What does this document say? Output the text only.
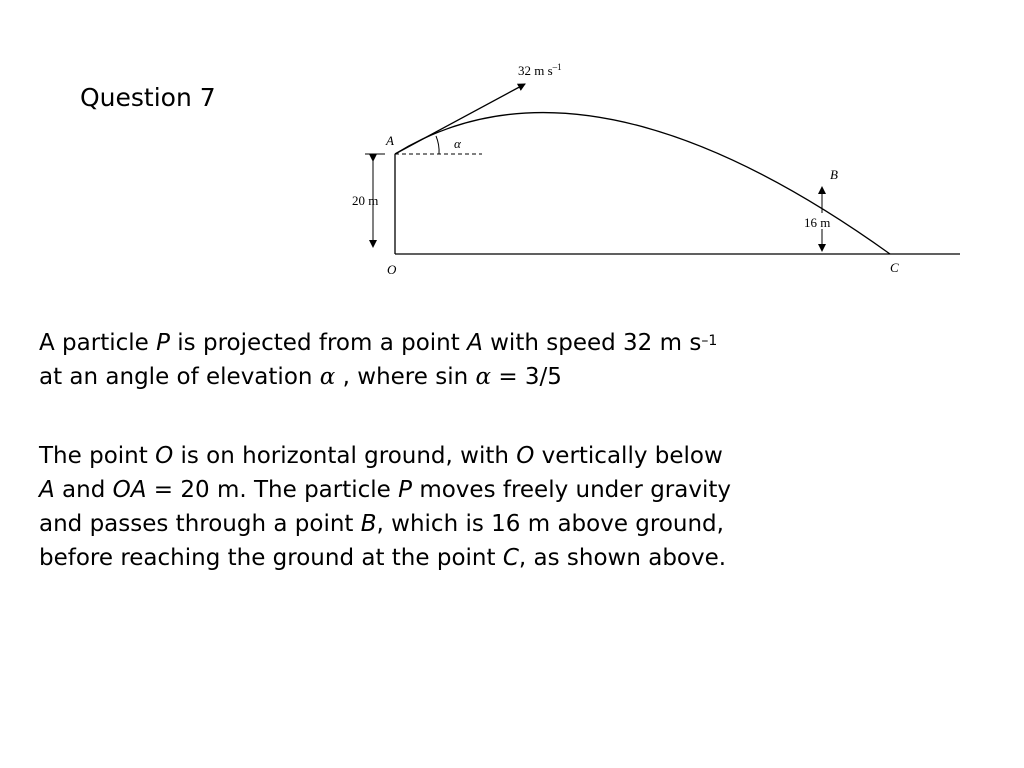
Question 7
32 m $s^{-1}$
A	α
20 m
O
B
16 m
C

A particle P is projected from a point A with speed 32 m $s^{-1}$
at an angle of elevation α , where sin α = 3/5

The point O is on horizontal ground, with O vertically below
A and OA = 20 m. The particle P moves freely under gravity
and passes through a point B, which is 16 m above ground,
before reaching the ground at the point C, as shown above.
